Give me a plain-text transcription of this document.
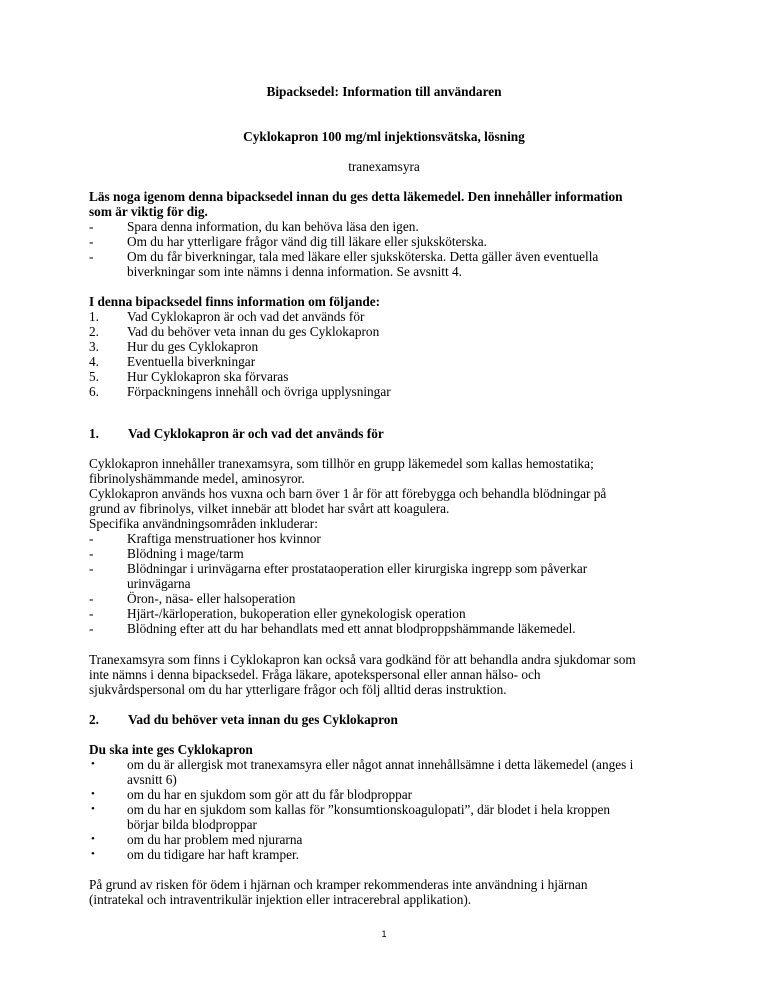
Bipacksedel: Information till användaren
Cyklokapron 100 mg/ml injektionsvätska, lösning
tranexamsyra
Läs noga igenom denna bipacksedel innan du ges detta läkemedel. Den innehåller information
som är viktig för dig.
-	Spara denna information, du kan behöva läsa den igen.
-	Om du har ytterligare frågor vänd dig till läkare eller sjuksköterska.
-	Om du får biverkningar, tala med läkare eller sjuksköterska. Detta gäller även eventuella
biverkningar som inte nämns i denna information. Se avsnitt 4.
I denna bipacksedel finns information om följande:
1. Vad Cyklokapron är och vad det används för
2. Vad du behöver veta innan du ges Cyklokapron
3. Hur du ges Cyklokapron
4. Eventuella biverkningar
5. Hur Cyklokapron ska förvaras
6. Förpackningens innehåll och övriga upplysningar
1. Vad Cyklokapron är och vad det används för
Cyklokapron innehåller tranexamsyra, som tillhör en grupp läkemedel som kallas hemostatika;
fibrinolyshämmande medel, aminosyror.
Cyklokapron används hos vuxna och barn över 1 år för att förebygga och behandla blödningar på
grund av fibrinolys, vilket innebär att blodet har svårt att koagulera.
Specifika användningsområden inkluderar:
-	Kraftiga menstruationer hos kvinnor
-	Blödning i mage/tarm
-	Blödningar i urinvägarna efter prostataoperation eller kirurgiska ingrepp som påverkar
urinvägarna
-	Öron-, näsa- eller halsoperation
-	Hjärt-/kärloperation, bukoperation eller gynekologisk operation
-	Blödning efter att du har behandlats med ett annat blodproppshämmande läkemedel.
Tranexamsyra som finns i Cyklokapron kan också vara godkänd för att behandla andra sjukdomar som
inte nämns i denna bipacksedel. Fråga läkare, apotekspersonal eller annan hälso- och
sjukvårdspersonal om du har ytterligare frågor och följ alltid deras instruktion.
2. Vad du behöver veta innan du ges Cyklokapron
Du ska inte ges Cyklokapron
• om du är allergisk mot tranexamsyra eller något annat innehållsämne i detta läkemedel (anges i
avsnitt 6)
• om du har en sjukdom som gör att du får blodproppar
• om du har en sjukdom som kallas för ”konsumtionskoagulopati”, där blodet i hela kroppen
börjar bilda blodproppar
• om du har problem med njurarna
• om du tidigare har haft kramper.
På grund av risken för ödem i hjärnan och kramper rekommenderas inte användning i hjärnan
(intratekal och intraventrikulär injektion eller intracerebral applikation).
1
